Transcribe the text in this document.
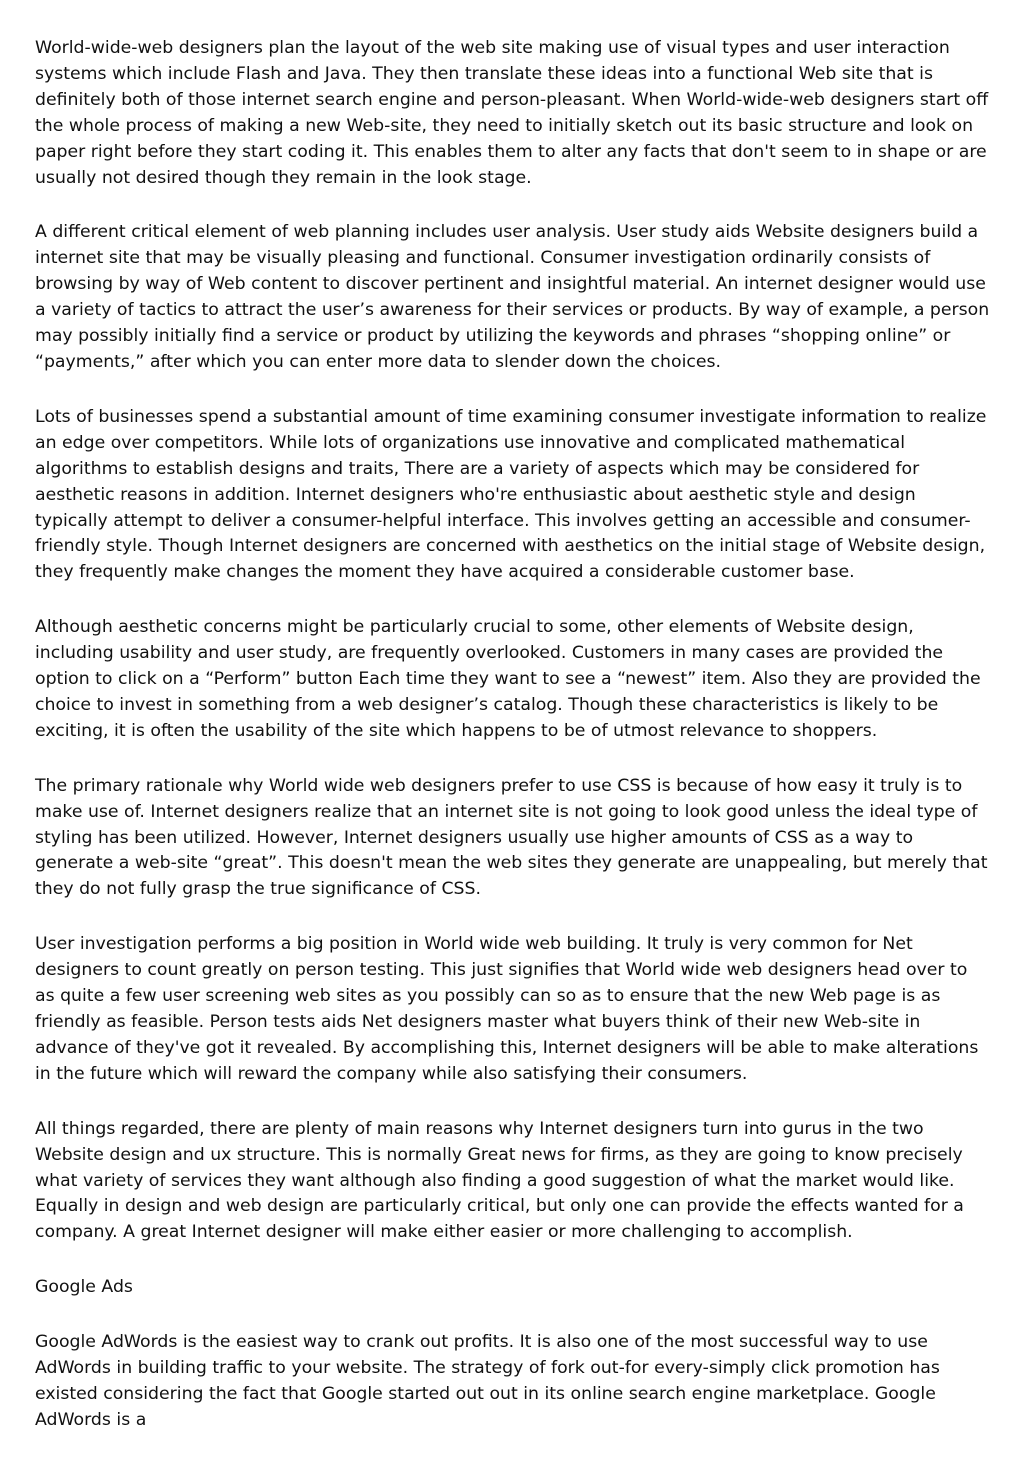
World-wide-web designers plan the layout of the web site making use of visual types and user interaction systems which include Flash and Java. They then translate these ideas into a functional Web site that is definitely both of those internet search engine and person-pleasant. When World-wide-web designers start off the whole process of making a new Web-site, they need to initially sketch out its basic structure and look on paper right before they start coding it. This enables them to alter any facts that don't seem to in shape or are usually not desired though they remain in the look stage.

A different critical element of web planning includes user analysis. User study aids Website designers build a internet site that may be visually pleasing and functional. Consumer investigation ordinarily consists of browsing by way of Web content to discover pertinent and insightful material. An internet designer would use a variety of tactics to attract the user’s awareness for their services or products. By way of example, a person may possibly initially find a service or product by utilizing the keywords and phrases “shopping online” or “payments,” after which you can enter more data to slender down the choices.

Lots of businesses spend a substantial amount of time examining consumer investigate information to realize an edge over competitors. While lots of organizations use innovative and complicated mathematical algorithms to establish designs and traits, There are a variety of aspects which may be considered for aesthetic reasons in addition. Internet designers who're enthusiastic about aesthetic style and design typically attempt to deliver a consumer-helpful interface. This involves getting an accessible and consumer-friendly style. Though Internet designers are concerned with aesthetics on the initial stage of Website design, they frequently make changes the moment they have acquired a considerable customer base.

Although aesthetic concerns might be particularly crucial to some, other elements of Website design, including usability and user study, are frequently overlooked. Customers in many cases are provided the option to click on a “Perform” button Each time they want to see a “newest” item. Also they are provided the choice to invest in something from a web designer’s catalog. Though these characteristics is likely to be exciting, it is often the usability of the site which happens to be of utmost relevance to shoppers.

The primary rationale why World wide web designers prefer to use CSS is because of how easy it truly is to make use of. Internet designers realize that an internet site is not going to look good unless the ideal type of styling has been utilized. However, Internet designers usually use higher amounts of CSS as a way to generate a web-site “great”. This doesn't mean the web sites they generate are unappealing, but merely that they do not fully grasp the true significance of CSS.

User investigation performs a big position in World wide web building. It truly is very common for Net designers to count greatly on person testing. This just signifies that World wide web designers head over to as quite a few user screening web sites as you possibly can so as to ensure that the new Web page is as friendly as feasible. Person tests aids Net designers master what buyers think of their new Web-site in advance of they've got it revealed. By accomplishing this, Internet designers will be able to make alterations in the future which will reward the company while also satisfying their consumers.

All things regarded, there are plenty of main reasons why Internet designers turn into gurus in the two Website design and ux structure. This is normally Great news for firms, as they are going to know precisely what variety of services they want although also finding a good suggestion of what the market would like. Equally in design and web design are particularly critical, but only one can provide the effects wanted for a company. A great Internet designer will make either easier or more challenging to accomplish.

Google Ads

Google AdWords is the easiest way to crank out profits. It is also one of the most successful way to use AdWords in building traffic to your website. The strategy of fork out-for every-simply click promotion has existed considering the fact that Google started out out in its online search engine marketplace. Google AdWords is a
